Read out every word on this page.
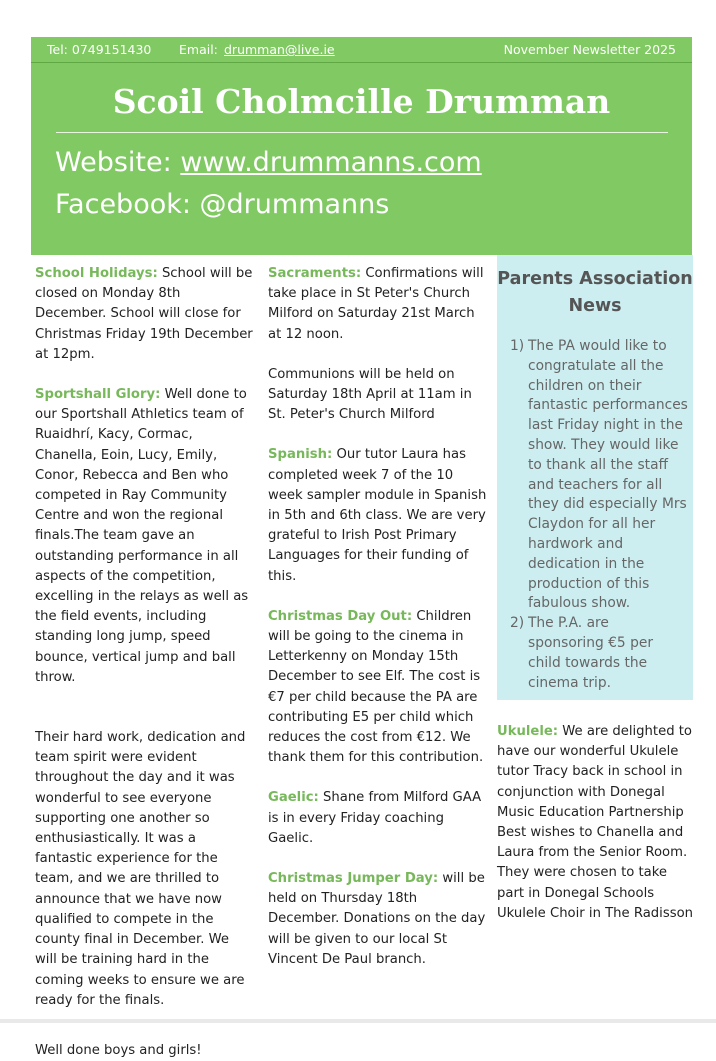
Tel: 0749151430 Email: drumman@live.ie	November Newsletter 2025
Scoil Cholmcille Drumman
Website: www.drummanns.com
Facebook: @drummanns

School Holidays: School will be closed on Monday 8th December. School will close for Christmas Friday 19th December at 12pm.

Sportshall Glory: Well done to our Sportshall Athletics team of Ruaidhrí, Kacy, Cormac, Chanella, Eoin, Lucy, Emily, Conor, Rebecca and Ben who competed in Ray Community Centre and won the regional finals.The team gave an outstanding performance in all aspects of the competition, excelling in the relays as well as the field events, including standing long jump, speed bounce, vertical jump and ball throw.

Their hard work, dedication and team spirit were evident throughout the day and it was wonderful to see everyone supporting one another so enthusiastically. It was a fantastic experience for the team, and we are thrilled to announce that we have now qualified to compete in the county final in December. We will be training hard in the coming weeks to ensure we are ready for the finals.

Well done boys and girls!

Sacraments: Confirmations will take place in St Peter's Church Milford on Saturday 21st March at 12 noon.

Communions will be held on Saturday 18th April at 11am in St. Peter's Church Milford

Spanish: Our tutor Laura has completed week 7 of the 10 week sampler module in Spanish in 5th and 6th class. We are very grateful to Irish Post Primary Languages for their funding of this.

Christmas Day Out: Children will be going to the cinema in Letterkenny on Monday 15th December to see Elf. The cost is €7 per child because the PA are contributing E5 per child which reduces the cost from €12. We thank them for this contribution.

Gaelic: Shane from Milford GAA is in every Friday coaching Gaelic.

Christmas Jumper Day: will be held on Thursday 18th December. Donations on the day will be given to our local St Vincent De Paul branch.

Parents Association News
1) The PA would like to congratulate all the children on their fantastic performances last Friday night in the show. They would like to thank all the staff and teachers for all they did especially Mrs Claydon for all her hardwork and dedication in the production of this fabulous show.
2) The P.A. are sponsoring €5 per child towards the cinema trip.

Ukulele: We are delighted to have our wonderful Ukulele tutor Tracy back in school in conjunction with Donegal Music Education Partnership Best wishes to Chanella and Laura from the Senior Room. They were chosen to take part in Donegal Schools Ukulele Choir in The Radisson
